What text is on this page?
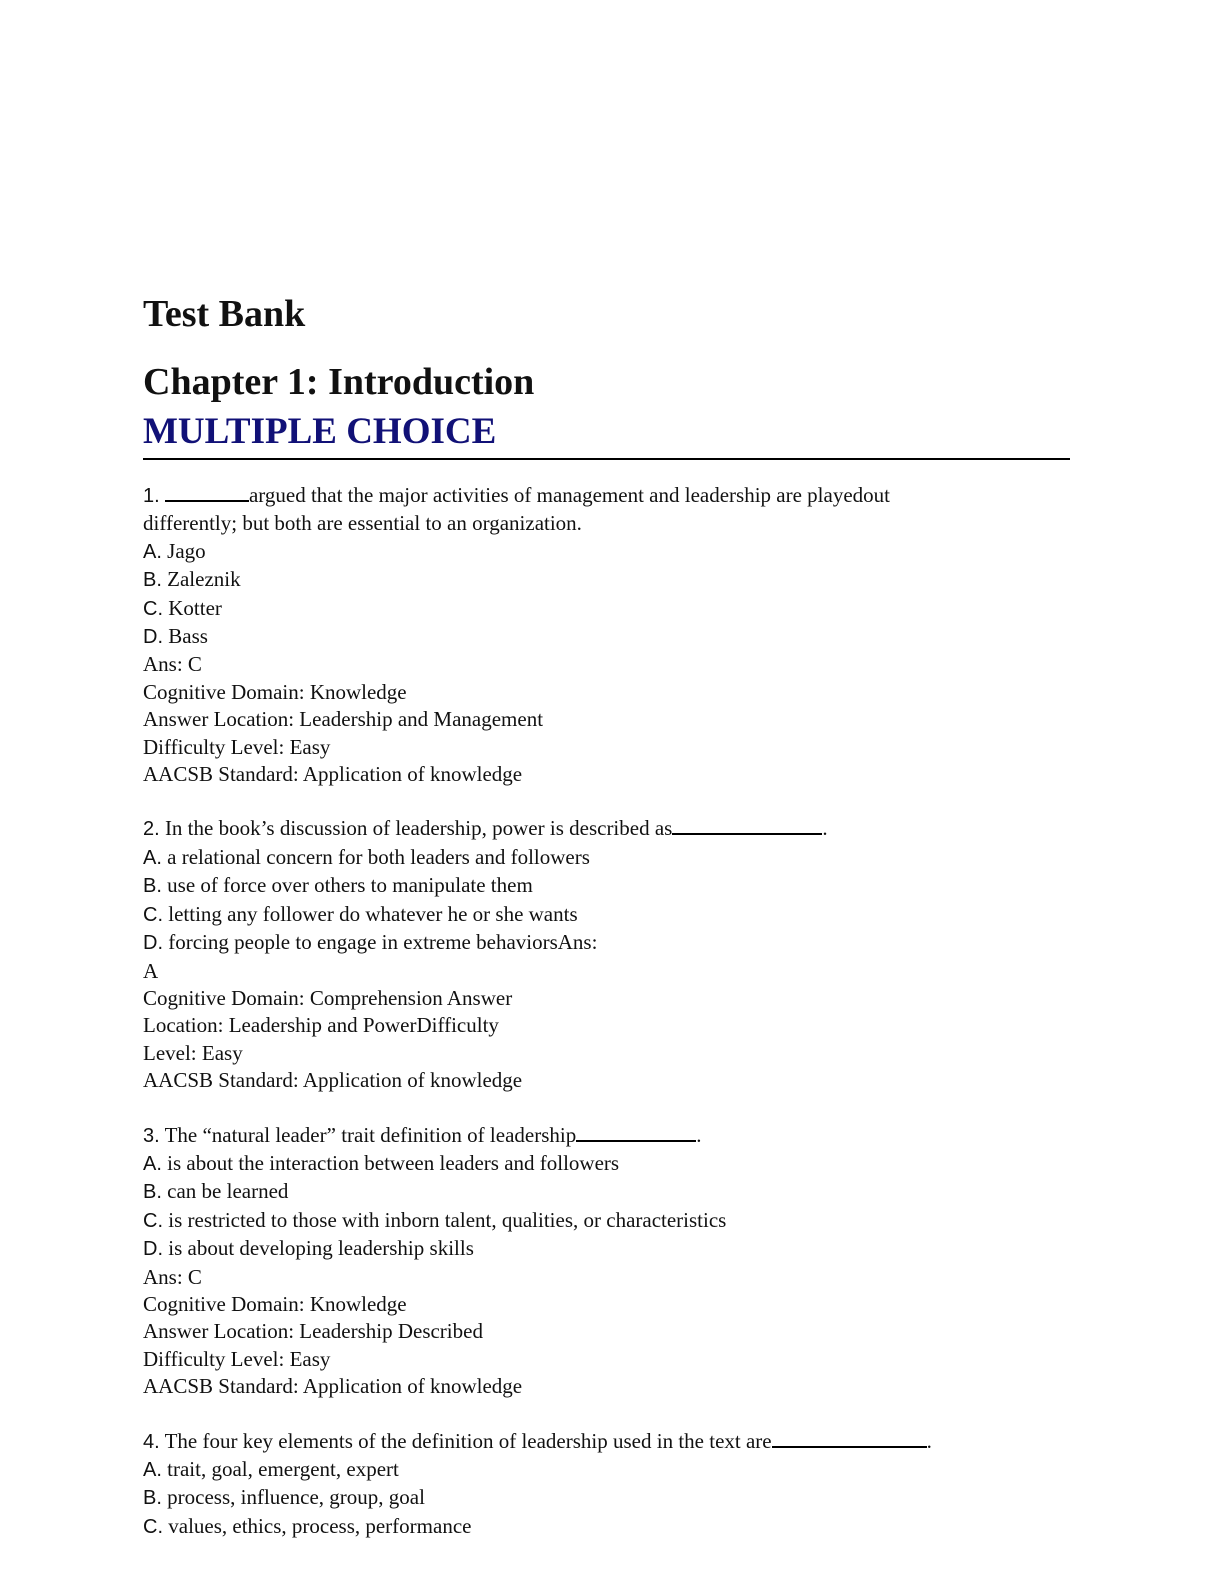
Test Bank
Chapter 1: Introduction
MULTIPLE CHOICE
1.	argued that the major activities of management and leadership are playedout
differently; but both are essential to an organization.
A. Jago
B. Zaleznik
C. Kotter
D. Bass
Ans: C
Cognitive Domain: Knowledge
Answer Location: Leadership and Management
Difficulty Level: Easy
AACSB Standard: Application of knowledge
2. In the book’s discussion of leadership, power is described as	.
A. a relational concern for both leaders and followers
B. use of force over others to manipulate them
C. letting any follower do whatever he or she wants
D. forcing people to engage in extreme behaviorsAns:
A
Cognitive Domain: Comprehension Answer
Location: Leadership and PowerDifficulty
Level: Easy
AACSB Standard: Application of knowledge
3. The “natural leader” trait definition of leadership	.
A. is about the interaction between leaders and followers
B. can be learned
C. is restricted to those with inborn talent, qualities, or characteristics
D. is about developing leadership skills
Ans: C
Cognitive Domain: Knowledge
Answer Location: Leadership Described
Difficulty Level: Easy
AACSB Standard: Application of knowledge
4. The four key elements of the definition of leadership used in the text are	.
A. trait, goal, emergent, expert
B. process, influence, group, goal
C. values, ethics, process, performance
